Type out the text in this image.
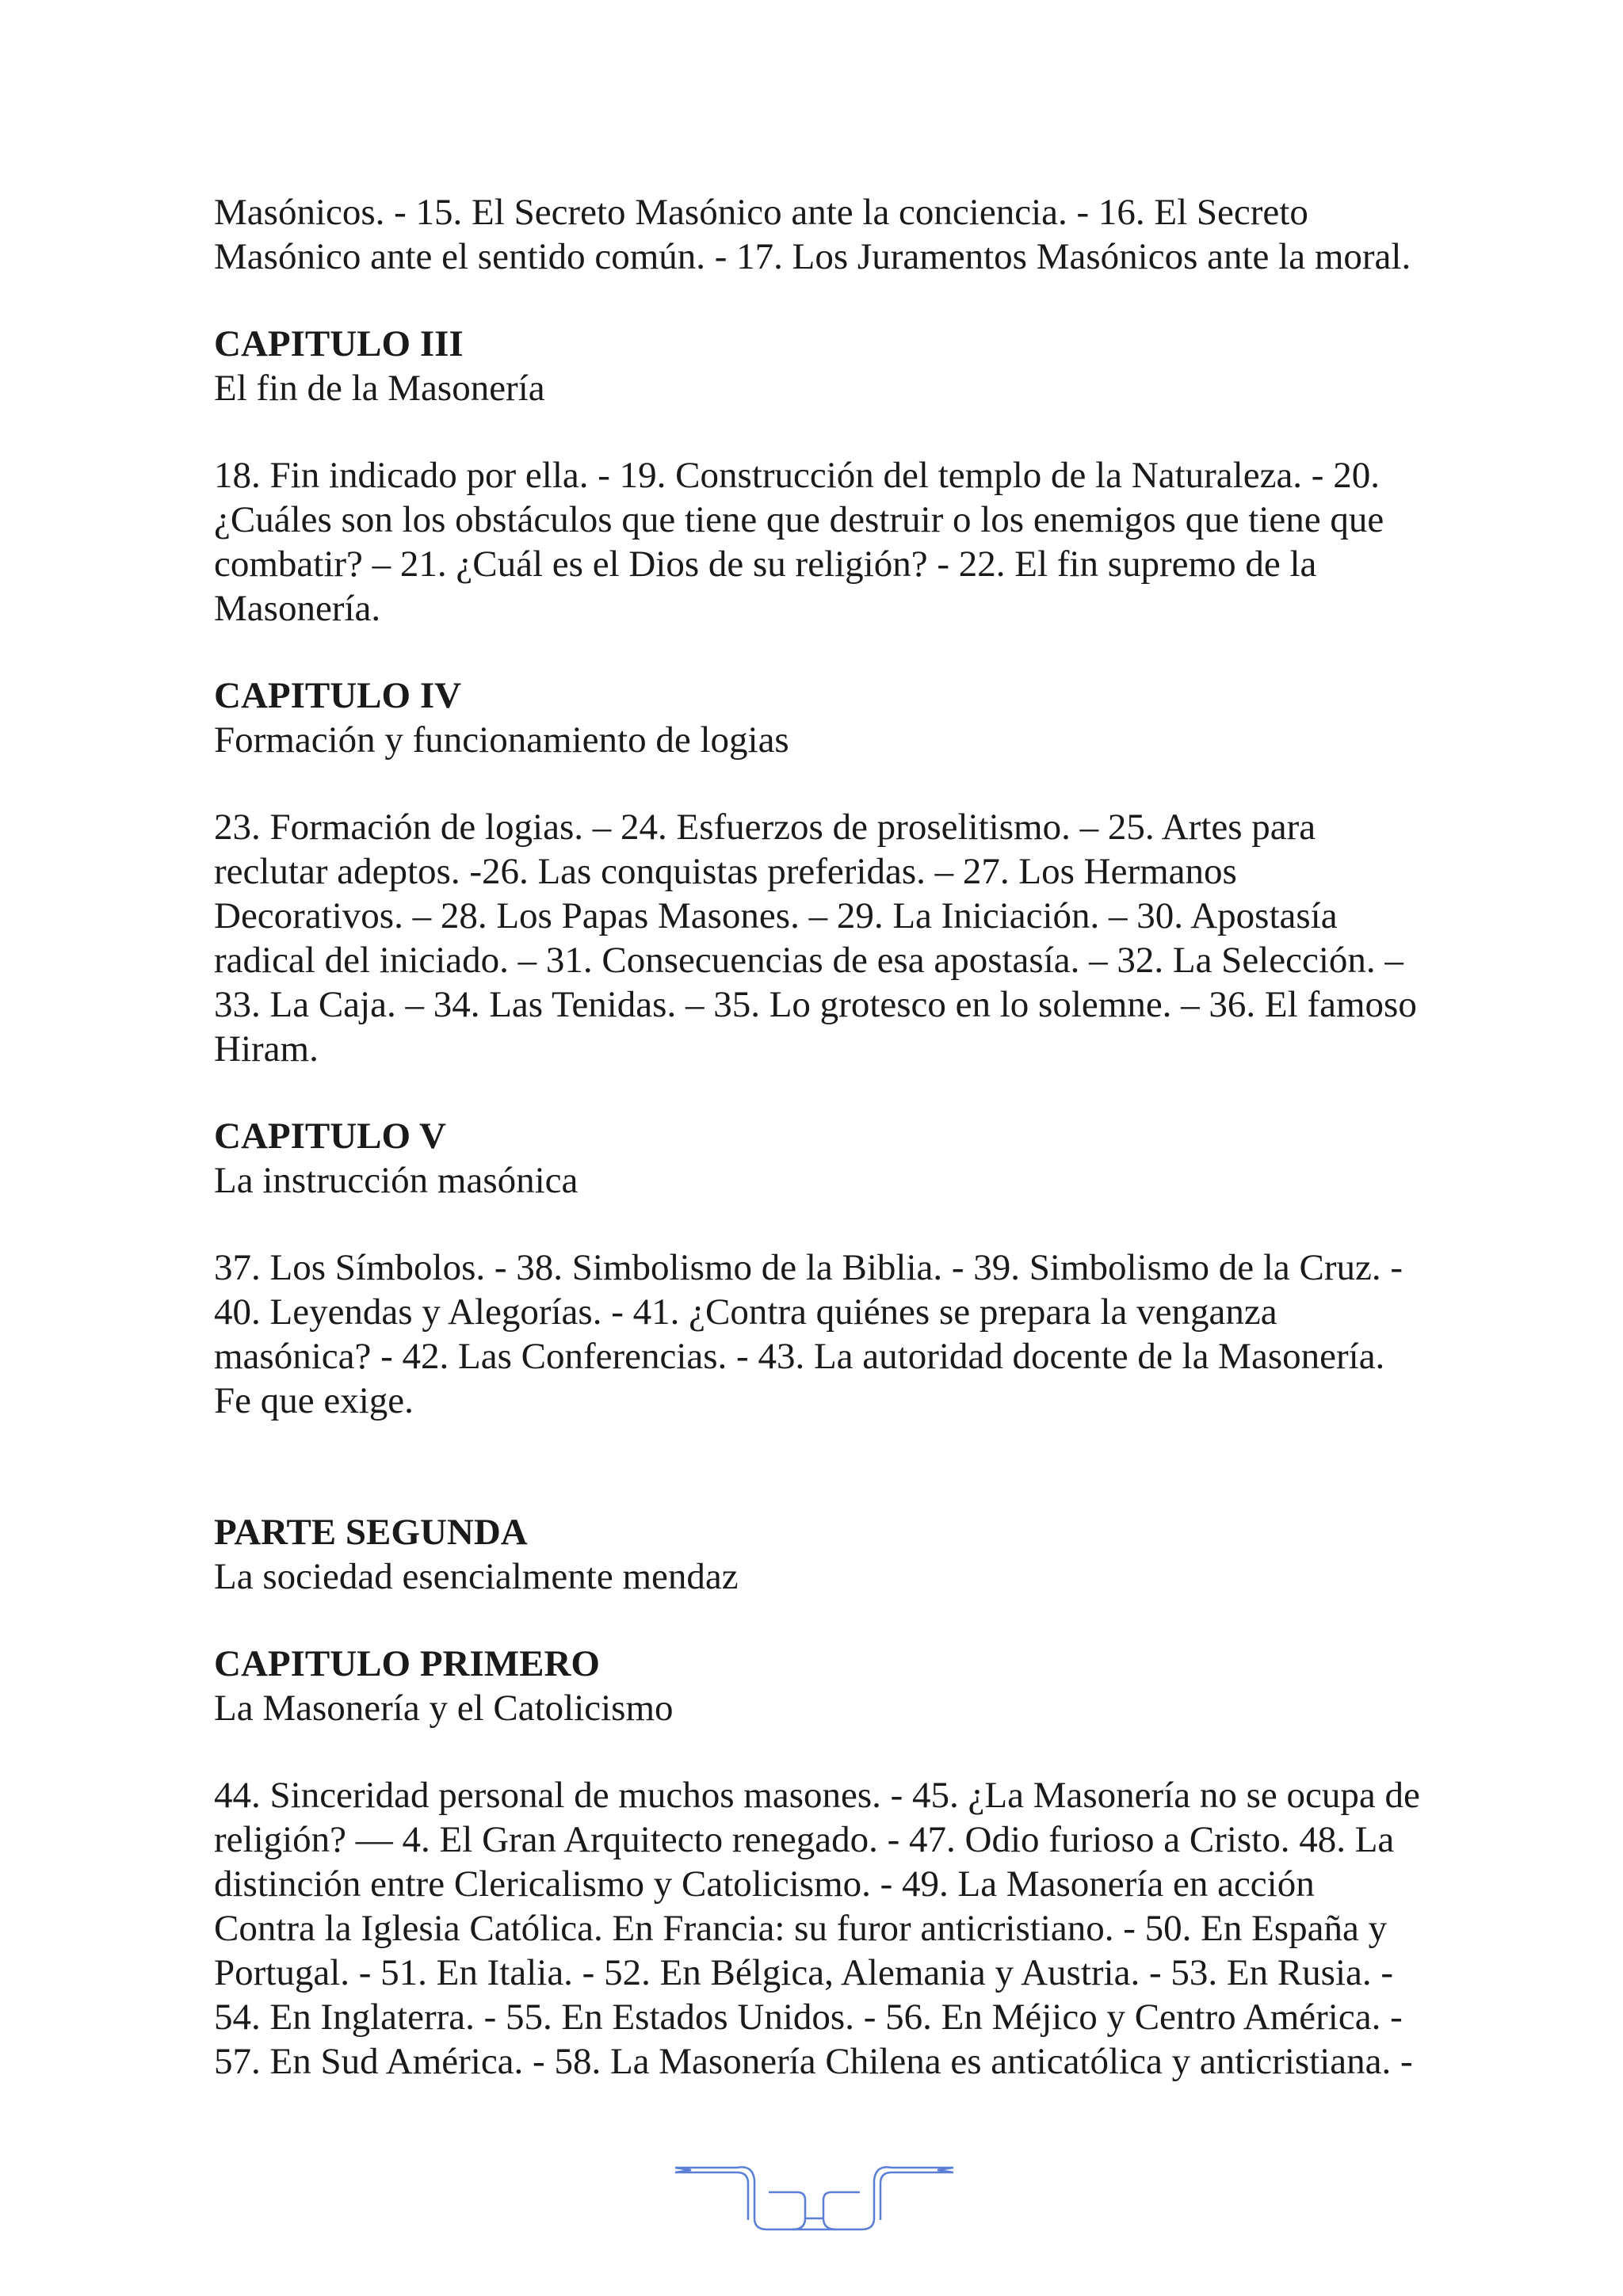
Masónicos. - 15. El Secreto Masónico ante la conciencia. - 16. El Secreto
Masónico ante el sentido común. - 17. Los Juramentos Masónicos ante la moral.

CAPITULO III

El fin de la Masonería

18. Fin indicado por ella. - 19. Construcción del templo de la Naturaleza. - 20.
¿Cuáles son los obstáculos que tiene que destruir o los enemigos que tiene que
combatir? – 21. ¿Cuál es el Dios de su religión? - 22. El fin supremo de la
Masonería.

CAPITULO IV

Formación y funcionamiento de logias

23. Formación de logias. – 24. Esfuerzos de proselitismo. – 25. Artes para
reclutar adeptos. -26. Las conquistas preferidas. – 27. Los Hermanos
Decorativos. – 28. Los Papas Masones. – 29. La Iniciación. – 30. Apostasía
radical del iniciado. – 31. Consecuencias de esa apostasía. – 32. La Selección. –
33. La Caja. – 34. Las Tenidas. – 35. Lo grotesco en lo solemne. – 36. El famoso
Hiram.

CAPITULO V

La instrucción masónica

37. Los Símbolos. - 38. Simbolismo de la Biblia. - 39. Simbolismo de la Cruz. -
40. Leyendas y Alegorías. - 41. ¿Contra quiénes se prepara la venganza
masónica? - 42. Las Conferencias. - 43. La autoridad docente de la Masonería.
Fe que exige.

PARTE SEGUNDA

La sociedad esencialmente mendaz

CAPITULO PRIMERO

La Masonería y el Catolicismo

44. Sinceridad personal de muchos masones. - 45. ¿La Masonería no se ocupa de
religión? — 4. El Gran Arquitecto renegado. - 47. Odio furioso a Cristo. 48. La
distinción entre Clericalismo y Catolicismo. - 49. La Masonería en acción
Contra la Iglesia Católica. En Francia: su furor anticristiano. - 50. En España y
Portugal. - 51. En Italia. - 52. En Bélgica, Alemania y Austria. - 53. En Rusia. -
54. En Inglaterra. - 55. En Estados Unidos. - 56. En Méjico y Centro América. -
57. En Sud América. - 58. La Masonería Chilena es anticatólica y anticristiana. -
